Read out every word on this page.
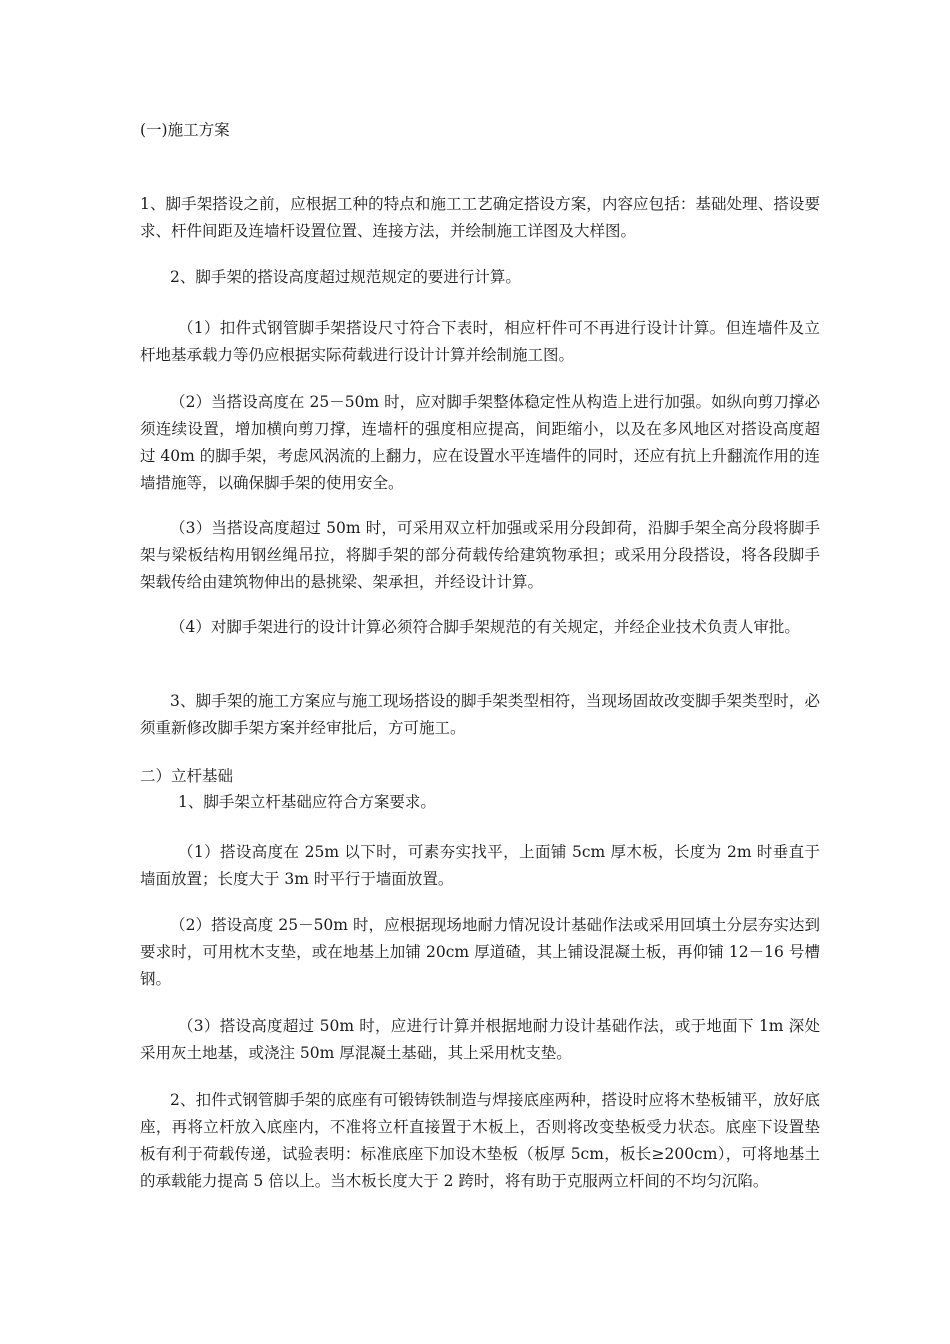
(一)施工方案

1、脚手架搭设之前，应根据工种的特点和施工工艺确定搭设方案，内容应包括：基础处理、搭设要求、杆件间距及连墙杆设置位置、连接方法，并绘制施工详图及大样图。

2、脚手架的搭设高度超过规范规定的要进行计算。

（1）扣件式钢管脚手架搭设尺寸符合下表时，相应杆件可不再进行设计计算。但连墙件及立杆地基承载力等仍应根据实际荷载进行设计计算并绘制施工图。

（2）当搭设高度在 25－50m 时，应对脚手架整体稳定性从构造上进行加强。如纵向剪刀撑必须连续设置，增加横向剪刀撑，连墙杆的强度相应提高，间距缩小，以及在多风地区对搭设高度超过 40m 的脚手架，考虑风涡流的上翻力，应在设置水平连墙件的同时，还应有抗上升翻流作用的连墙措施等，以确保脚手架的使用安全。

（3）当搭设高度超过 50m 时，可采用双立杆加强或采用分段卸荷，沿脚手架全高分段将脚手架与梁板结构用钢丝绳吊拉，将脚手架的部分荷载传给建筑物承担；或采用分段搭设，将各段脚手架载传给由建筑物伸出的悬挑梁、架承担，并经设计计算。

（4）对脚手架进行的设计计算必须符合脚手架规范的有关规定，并经企业技术负责人审批。

3、脚手架的施工方案应与施工现场搭设的脚手架类型相符，当现场固故改变脚手架类型时，必须重新修改脚手架方案并经审批后，方可施工。

二）立杆基础

1、脚手架立杆基础应符合方案要求。

（1）搭设高度在 25m 以下时，可素夯实找平，上面铺 5cm 厚木板，长度为 2m 时垂直于墙面放置；长度大于 3m 时平行于墙面放置。

（2）搭设高度 25－50m 时，应根据现场地耐力情况设计基础作法或采用回填土分层夯实达到要求时，可用枕木支垫，或在地基上加铺 20cm 厚道碴，其上铺设混凝土板，再仰铺 12－16 号槽钢。

（3）搭设高度超过 50m 时，应进行计算并根据地耐力设计基础作法，或于地面下 1m 深处采用灰土地基，或浇注 50m 厚混凝土基础，其上采用枕支垫。

2、扣件式钢管脚手架的底座有可锻铸铁制造与焊接底座两种，搭设时应将木垫板铺平，放好底座，再将立杆放入底座内，不准将立杆直接置于木板上，否则将改变垫板受力状态。底座下设置垫板有利于荷载传递，试验表明：标准底座下加设木垫板（板厚 5cm，板长≥200cm），可将地基土的承载能力提高 5 倍以上。当木板长度大于 2 跨时，将有助于克服两立杆间的不均匀沉陷。
